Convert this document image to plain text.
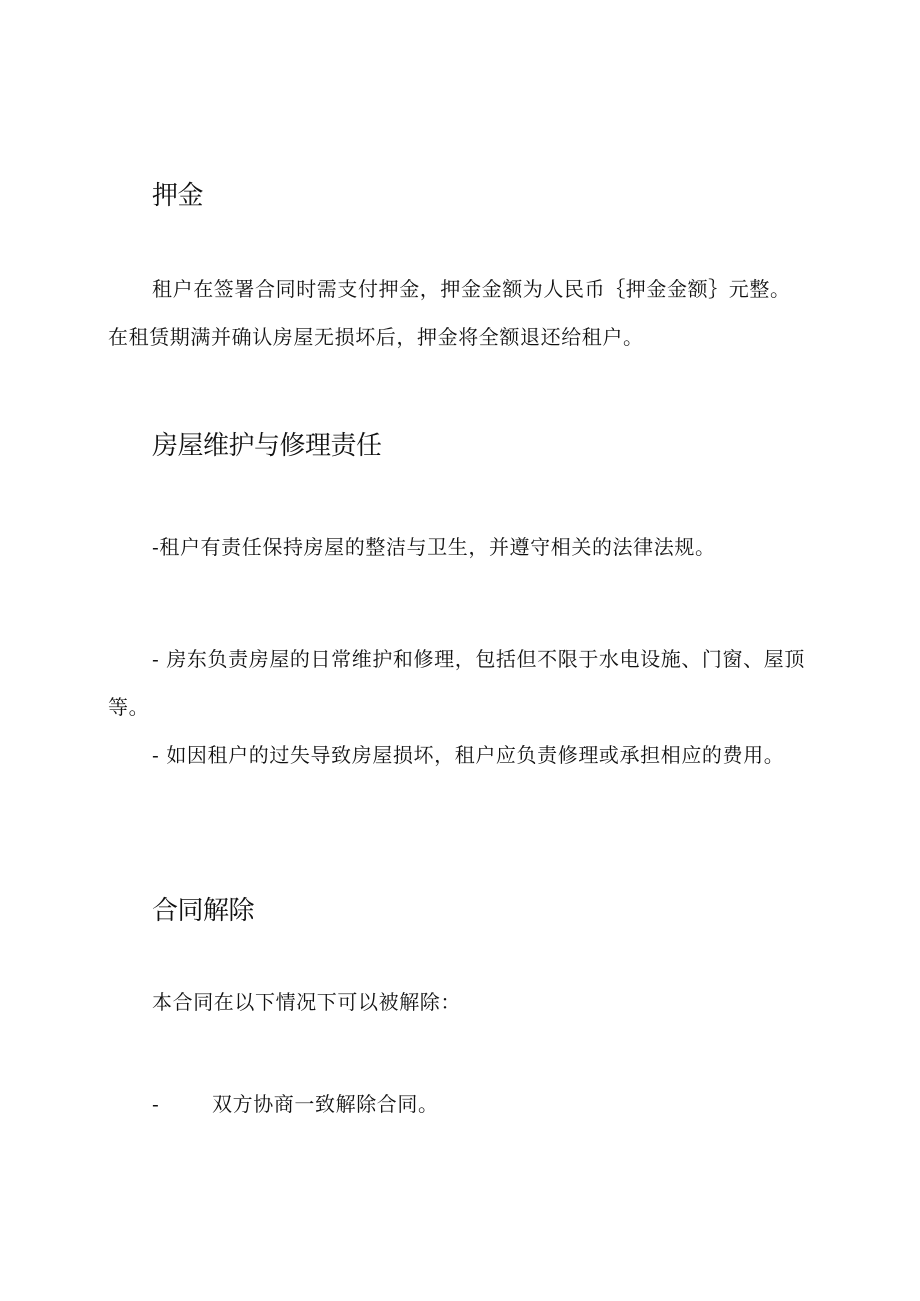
押金

租户在签署合同时需支付押金，押金金额为人民币｛押金金额｝元整。在租赁期满并确认房屋无损坏后，押金将全额退还给租户。

房屋维护与修理责任

-租户有责任保持房屋的整洁与卫生，并遵守相关的法律法规。

- 房东负责房屋的日常维护和修理，包括但不限于水电设施、门窗、屋顶等。

- 如因租户的过失导致房屋损坏，租户应负责修理或承担相应的费用。

合同解除

本合同在以下情况下可以被解除：

-	双方协商一致解除合同。
